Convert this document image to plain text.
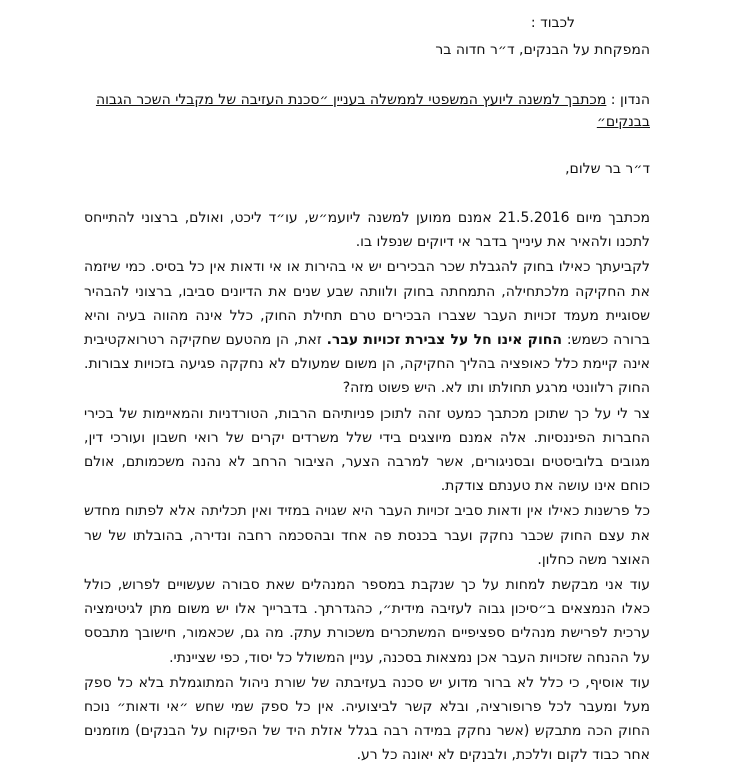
לכבוד :

המפקחת על הבנקים, ד״ר חדוה בר

הנדון : מכתבך למשנה ליועץ המשפטי לממשלה בעניין ״סכנת העזיבה של מקבלי השכר הגבוה בבנקים״

ד״ר בר שלום,

מכתבך מיום 21.5.2016 אמנם ממוען למשנה ליועמ״ש, עו״ד ליכט, ואולם, ברצוני להתייחס לתכנו ולהאיר את עינייך בדבר אי דיוקים שנפלו בו.

לקביעתך כאילו בחוק להגבלת שכר הבכירים יש אי בהירות או אי ודאות אין כל בסיס. כמי שיזמה את החקיקה מלכתחילה, התמחתה בחוק ולוותה שבע שנים את הדיונים סביבו, ברצוני להבהיר שסוגיית מעמד זכויות העבר שצברו הבכירים טרם תחילת החוק, כלל אינה מהווה בעיה והיא ברורה כשמש: החוק אינו חל על צבירת זכויות עבר. זאת, הן מהטעם שחקיקה רטרואקטיבית אינה קיימת כלל כאופציה בהליך החקיקה, הן משום שמעולם לא נחקקה פגיעה בזכויות צבורות. החוק רלוונטי מרגע תחולתו ותו לא. היש פשוט מזה?

צר לי על כך שתוכן מכתבך כמעט זהה לתוכן פניותיהם הרבות, הטורדניות והמאיימות של בכירי החברות הפיננסיות. אלה אמנם מיוצגים בידי שלל משרדים יקרים של רואי חשבון ועורכי דין, מגובים בלוביסטים ובסניגורים, אשר למרבה הצער, הציבור הרחב לא נהנה משכמותם, אולם כוחם אינו עושה את טענתם צודקת.

כל פרשנות כאילו אין ודאות סביב זכויות העבר היא שגויה במזיד ואין תכליתה אלא לפתוח מחדש את עצם החוק שכבר נחקק ועבר בכנסת פה אחד ובהסכמה רחבה ונדירה, בהובלתו של שר האוצר משה כחלון.

עוד אני מבקשת למחות על כך שנקבת במספר המנהלים שאת סבורה שעשויים לפרוש, כולל כאלו הנמצאים ב״סיכון גבוה לעזיבה מידית״, כהגדרתך. בדברייך אלו יש משום מתן לגיטימציה ערכית לפרישת מנהלים ספציפיים המשתכרים משכורת עתק. מה גם, שכאמור, חישובך מתבסס על ההנחה שזכויות העבר אכן נמצאות בסכנה, עניין המשולל כל יסוד, כפי שציינתי.

עוד אוסיף, כי כלל לא ברור מדוע יש סכנה בעזיבתה של שורת ניהול המתוגמלת בלא כל ספק מעל ומעבר לכל פרופורציה, ובלא קשר לביצועיה. אין כל ספק שמי שחש ״אי ודאות״ נוכח החוק הכה מתבקש (אשר נחקק במידה רבה בגלל אזלת היד של הפיקוח על הבנקים) מוזמנים אחר כבוד לקום וללכת, ולבנקים לא יאונה כל רע.
